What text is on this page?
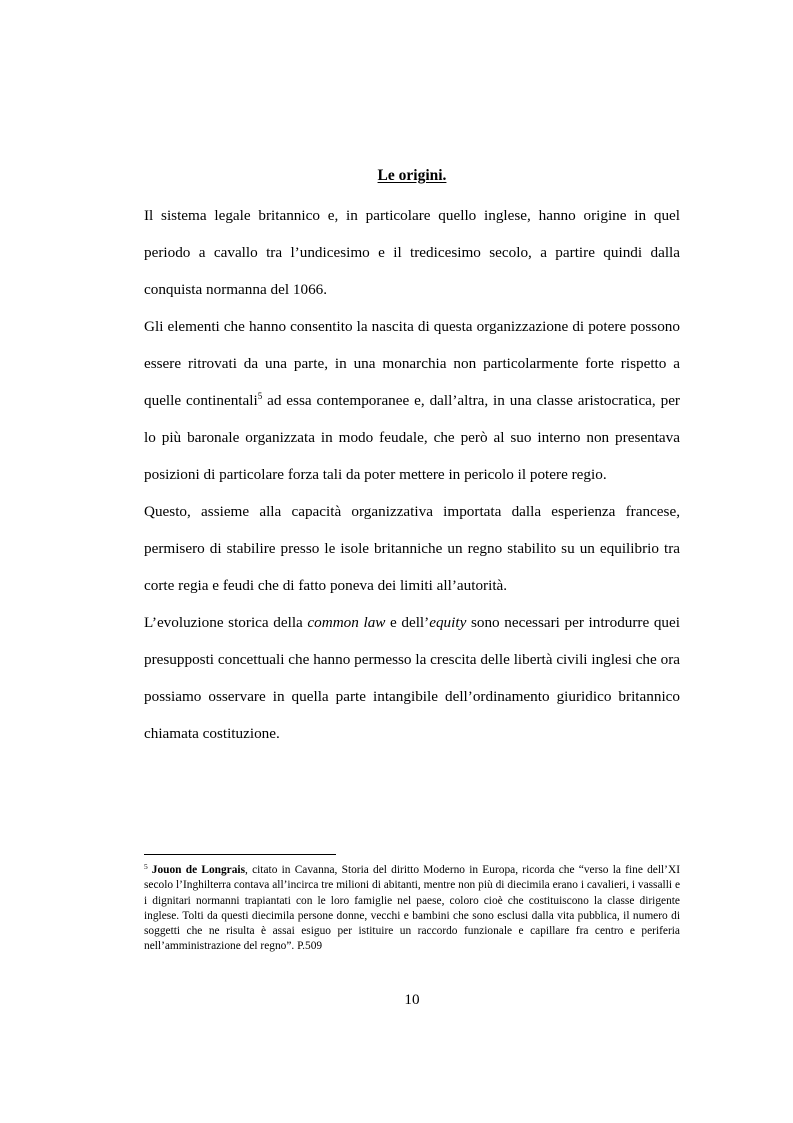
Le origini.

Il sistema legale britannico e, in particolare quello inglese, hanno origine in quel periodo a cavallo tra l’undicesimo e il tredicesimo secolo, a partire quindi dalla conquista normanna del 1066.

Gli elementi che hanno consentito la nascita di questa organizzazione di potere possono essere ritrovati da una parte, in una monarchia non particolarmente forte rispetto a quelle continentali$^5$ ad essa contemporanee e, dall’altra, in una classe aristocratica, per lo più baronale organizzata in modo feudale, che però al suo interno non presentava posizioni di particolare forza tali da poter mettere in pericolo il potere regio.

Questo, assieme alla capacità organizzativa importata dalla esperienza francese, permisero di stabilire presso le isole britanniche un regno stabilito su un equilibrio tra corte regia e feudi che di fatto poneva dei limiti all’autorità.

L’evoluzione storica della common law e dell’equity sono necessari per introdurre quei presupposti concettuali che hanno permesso la crescita delle libertà civili inglesi che ora possiamo osservare in quella parte intangibile dell’ordinamento giuridico britannico chiamata costituzione.

$^5$ Jouon de Longrais, citato in Cavanna, Storia del diritto Moderno in Europa, ricorda che “verso la fine dell’XI secolo l’Inghilterra contava all’incirca tre milioni di abitanti, mentre non più di diecimila erano i cavalieri, i vassalli e i dignitari normanni trapiantati con le loro famiglie nel paese, coloro cioè che costituiscono la classe dirigente inglese. Tolti da questi diecimila persone donne, vecchi e bambini che sono esclusi dalla vita pubblica, il numero di soggetti che ne risulta è assai esiguo per istituire un raccordo funzionale e capillare fra centro e periferia nell’amministrazione del regno”. P.509

10
